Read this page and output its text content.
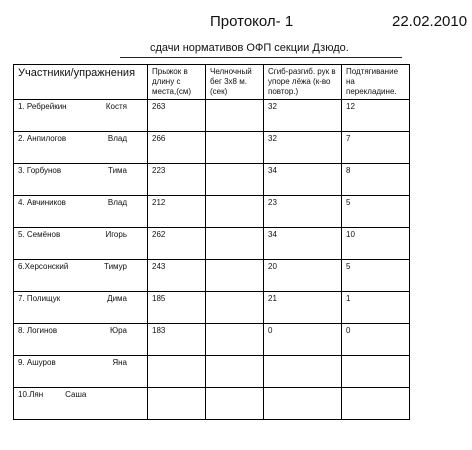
Протокол- 1	22.02.2010
сдачи нормативов ОФП секции Дзюдо.
Участники/упражнения	Прыжок в длину с места,(см)	Челночный бег 3х8 м. (сек)	Сгиб-разгиб. рук в упоре лёжа (к-во повтор.)	Подтягивание на перекладине.

1. Ребрейкин Костя	263		32	12

2. Анпилогов Влад	266		32	7

3. Горбунов Тима	223		34	8

4. Авчиников Влад	212		23	5

5. Семёнов Игорь	262		34	10

6.Херсонский Тимур	243		20	5

7. Полищук Дима	185		21	1

8. Логинов Юра	183		0	0

9. Ашуров Яна				

10.Лян Саша				
